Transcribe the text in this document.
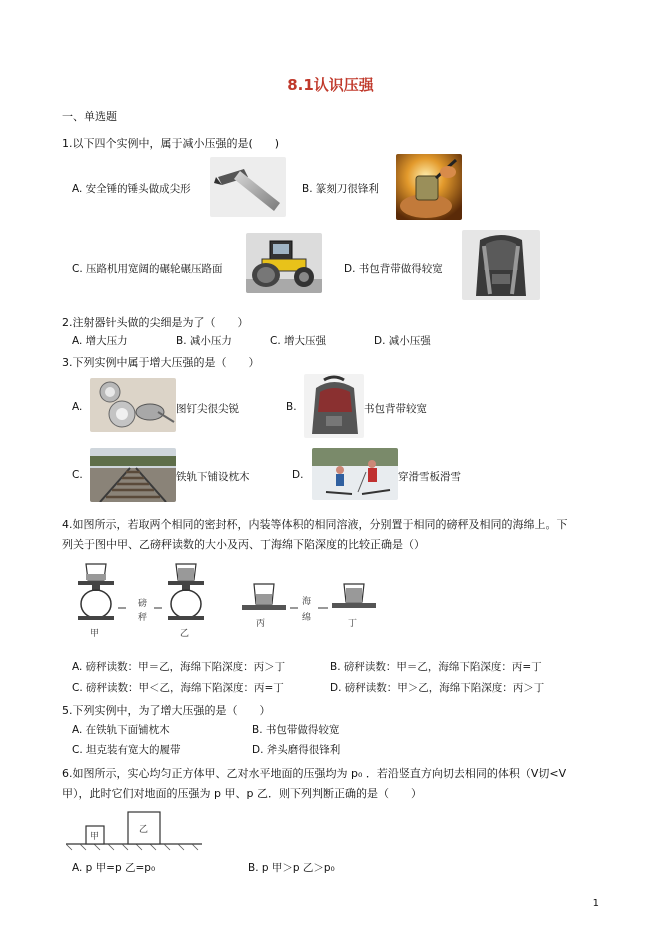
8.1认识压强
一、单选题
1.以下四个实例中，属于减小压强的是(　　)
A. 安全锤的锤头做成尖形	B. 篆刻刀很锋利
C. 压路机用宽阔的碾轮碾压路面	D. 书包背带做得较宽
2.注射器针头做的尖细是为了（　　）
A. 增大压力	B. 减小压力	C. 增大压强	D. 减小压强
3.下列实例中属于增大压强的是（　　）
A.	图钉尖很尖锐	B.	书包背带较宽
C.	铁轨下铺设枕木	D.	穿滑雪板滑雪
4.如图所示，若取两个相同的密封杯，内装等体积的相同溶液，分别置于相同的磅秤及相同的海绵上。下
列关于图中甲、乙磅秤读数的大小及丙、丁海绵下陷深度的比较正确是（）
磅
秤
甲	乙
海
绵
丙	丁
A. 磅秤读数：甲＝乙，海绵下陷深度：丙＞丁	B. 磅秤读数：甲＝乙，海绵下陷深度：丙=丁
C. 磅秤读数：甲＜乙，海绵下陷深度：丙=丁	D. 磅秤读数：甲＞乙，海绵下陷深度：丙＞丁
5.下列实例中，为了增大压强的是（　　）
A. 在铁轨下面铺枕木	B. 书包带做得较宽
C. 坦克装有宽大的履带	D. 斧头磨得很锋利
6.如图所示，实心均匀正方体甲、乙对水平地面的压强均为 p₀ ．若沿竖直方向切去相同的体积（V切<V
甲），此时它们对地面的压强为 p 甲、p 乙．则下列判断正确的是（　　）
甲
乙
A. p 甲=p 乙=p₀	B. p 甲＞p 乙＞p₀
1
